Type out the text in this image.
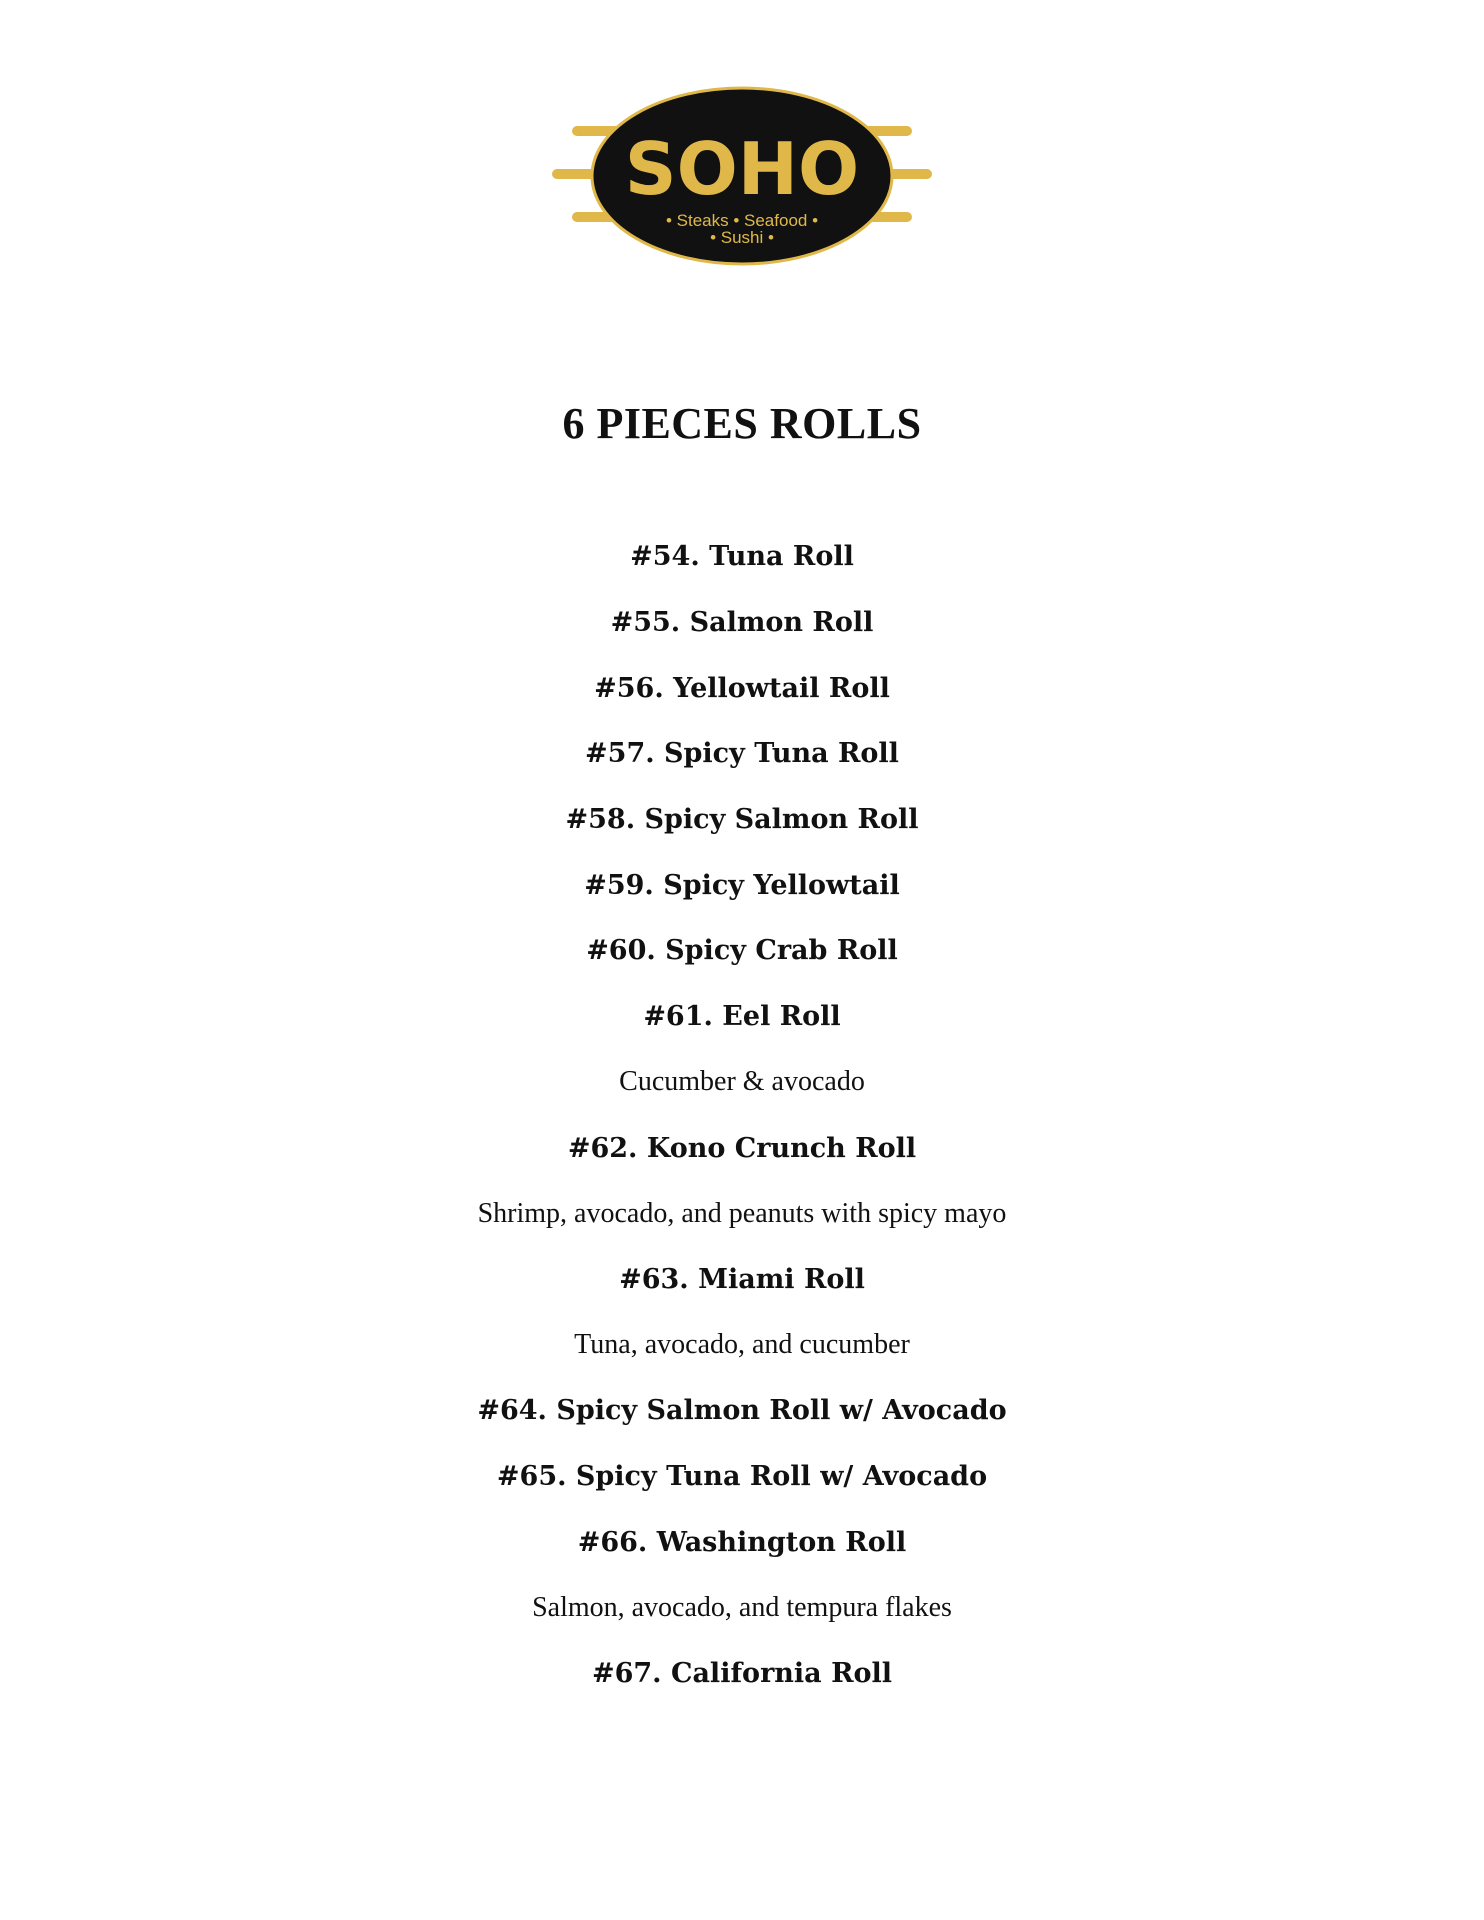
SOHO
• Steaks • Seafood •
• Sushi •
6 PIECES ROLLS
#54. Tuna Roll
#55. Salmon Roll
#56. Yellowtail Roll
#57. Spicy Tuna Roll
#58. Spicy Salmon Roll
#59. Spicy Yellowtail
#60. Spicy Crab Roll
#61. Eel Roll
Cucumber & avocado
#62. Kono Crunch Roll
Shrimp, avocado, and peanuts with spicy mayo
#63. Miami Roll
Tuna, avocado, and cucumber
#64. Spicy Salmon Roll w/ Avocado
#65. Spicy Tuna Roll w/ Avocado
#66. Washington Roll
Salmon, avocado, and tempura flakes
#67. California Roll
